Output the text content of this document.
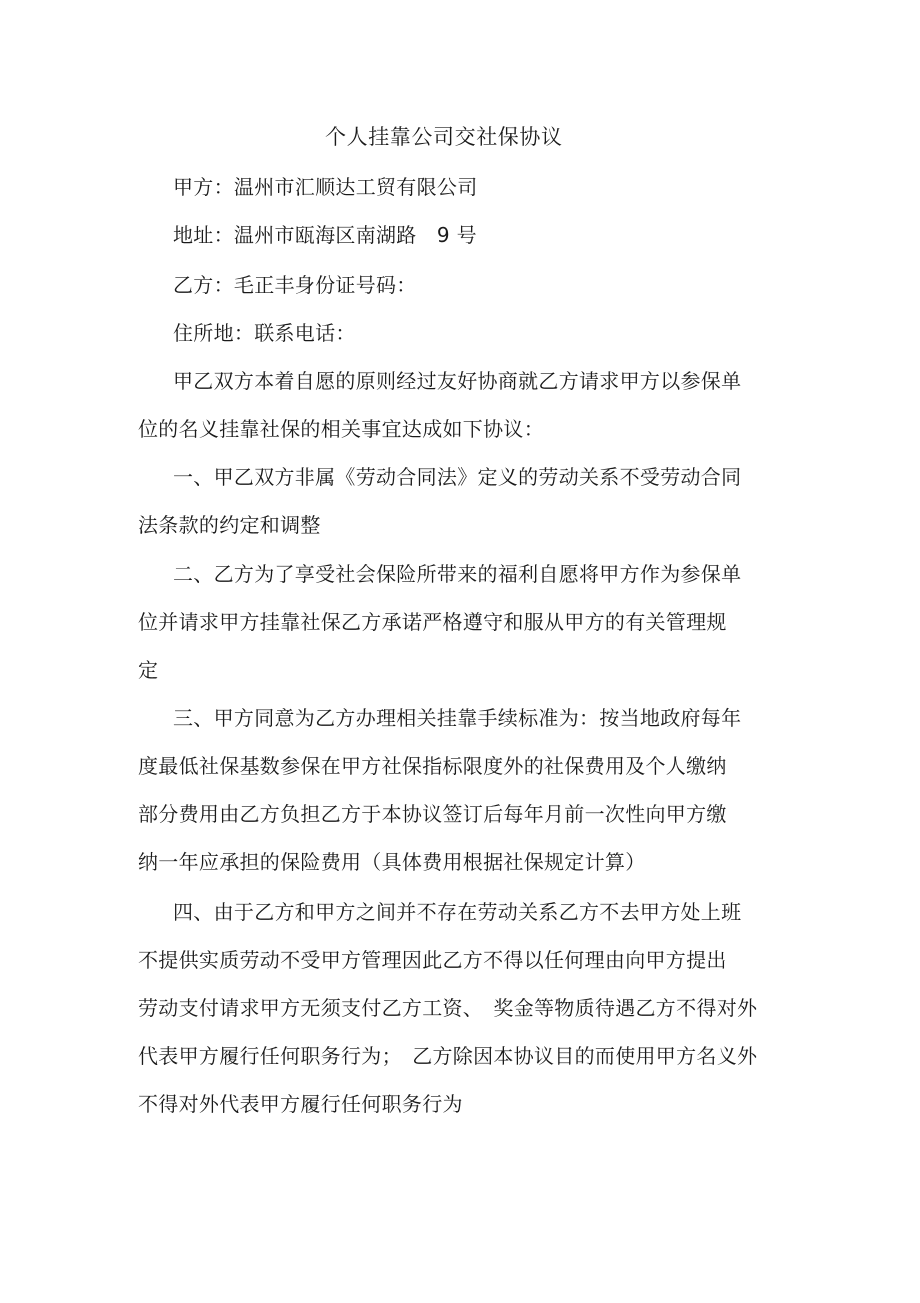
个人挂靠公司交社保协议
甲方：温州市汇顺达工贸有限公司
地址：温州市瓯海区南湖路　9 号
乙方：毛正丰身份证号码：
住所地：联系电话：
甲乙双方本着自愿的原则经过友好协商就乙方请求甲方以参保单
位的名义挂靠社保的相关事宜达成如下协议：
一、甲乙双方非属《劳动合同法》定义的劳动关系不受劳动合同
法条款的约定和调整
二、乙方为了享受社会保险所带来的福利自愿将甲方作为参保单
位并请求甲方挂靠社保乙方承诺严格遵守和服从甲方的有关管理规
定
三、甲方同意为乙方办理相关挂靠手续标准为：按当地政府每年
度最低社保基数参保在甲方社保指标限度外的社保费用及个人缴纳
部分费用由乙方负担乙方于本协议签订后每年月前一次性向甲方缴
纳一年应承担的保险费用（具体费用根据社保规定计算）
四、由于乙方和甲方之间并不存在劳动关系乙方不去甲方处上班
不提供实质劳动不受甲方管理因此乙方不得以任何理由向甲方提出
劳动支付请求甲方无须支付乙方工资、　奖金等物质待遇乙方不得对外
代表甲方履行任何职务行为；　乙方除因本协议目的而使用甲方名义外
不得对外代表甲方履行任何职务行为
